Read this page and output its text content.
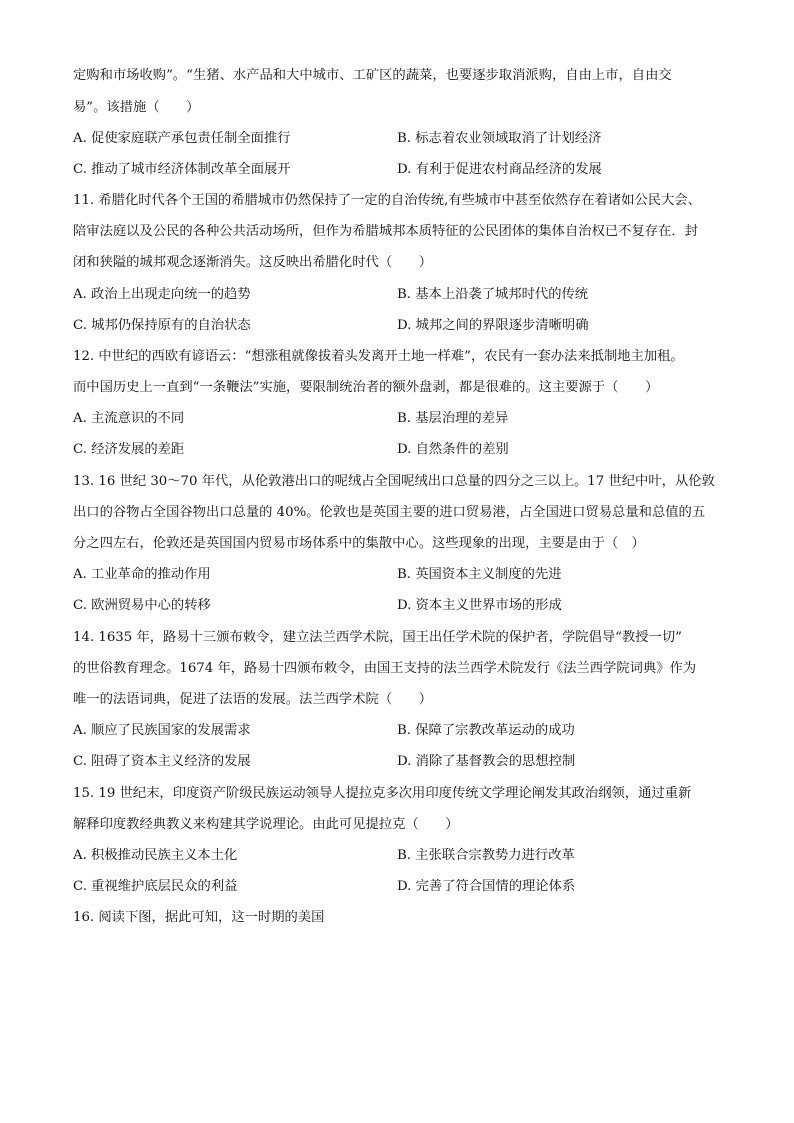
定购和市场收购”。“生猪、水产品和大中城市、工矿区的蔬菜，也要逐步取消派购，自由上市，自由交
易”。该措施（　　）
A. 促使家庭联产承包责任制全面推行	B. 标志着农业领域取消了计划经济
C. 推动了城市经济体制改革全面展开	D. 有利于促进农村商品经济的发展
11. 希腊化时代各个王国的希腊城市仍然保持了一定的自治传统,有些城市中甚至依然存在着诸如公民大会、
陪审法庭以及公民的各种公共活动场所，但作为希腊城邦本质特征的公民团体的集体自治权已不复存在．封
闭和狭隘的城邦观念逐渐消失。这反映出希腊化时代（　　）
A. 政治上出现走向统一的趋势	B. 基本上沿袭了城邦时代的传统
C. 城邦仍保持原有的自治状态	D. 城邦之间的界限逐步清晰明确
12. 中世纪的西欧有谚语云：“想涨租就像拔着头发离开土地一样难”，农民有一套办法来抵制地主加租。
而中国历史上一直到“一条鞭法”实施，要限制统治者的额外盘剥，都是很难的。这主要源于（　　）
A. 主流意识的不同	B. 基层治理的差异
C. 经济发展的差距	D. 自然条件的差别
13. 16 世纪 30～70 年代，从伦敦港出口的呢绒占全国呢绒出口总量的四分之三以上。17 世纪中叶，从伦敦
出口的谷物占全国谷物出口总量的 40%。伦敦也是英国主要的进口贸易港，占全国进口贸易总量和总值的五
分之四左右，伦敦还是英国国内贸易市场体系中的集散中心。这些现象的出现，主要是由于（　）
A. 工业革命的推动作用	B. 英国资本主义制度的先进
C. 欧洲贸易中心的转移	D. 资本主义世界市场的形成
14. 1635 年，路易十三颁布敕令，建立法兰西学术院，国王出任学术院的保护者，学院倡导“教授一切”
的世俗教育理念。1674 年，路易十四颁布敕令，由国王支持的法兰西学术院发行《法兰西学院词典》作为
唯一的法语词典，促进了法语的发展。法兰西学术院（　　）
A. 顺应了民族国家的发展需求	B. 保障了宗教改革运动的成功
C. 阻碍了资本主义经济的发展	D. 消除了基督教会的思想控制
15. 19 世纪末，印度资产阶级民族运动领导人提拉克多次用印度传统文学理论阐发其政治纲领，通过重新
解释印度教经典教义来构建其学说理论。由此可见提拉克（　　）
A. 积极推动民族主义本土化	B. 主张联合宗教势力进行改革
C. 重视维护底层民众的利益	D. 完善了符合国情的理论体系
16. 阅读下图，据此可知，这一时期的美国
